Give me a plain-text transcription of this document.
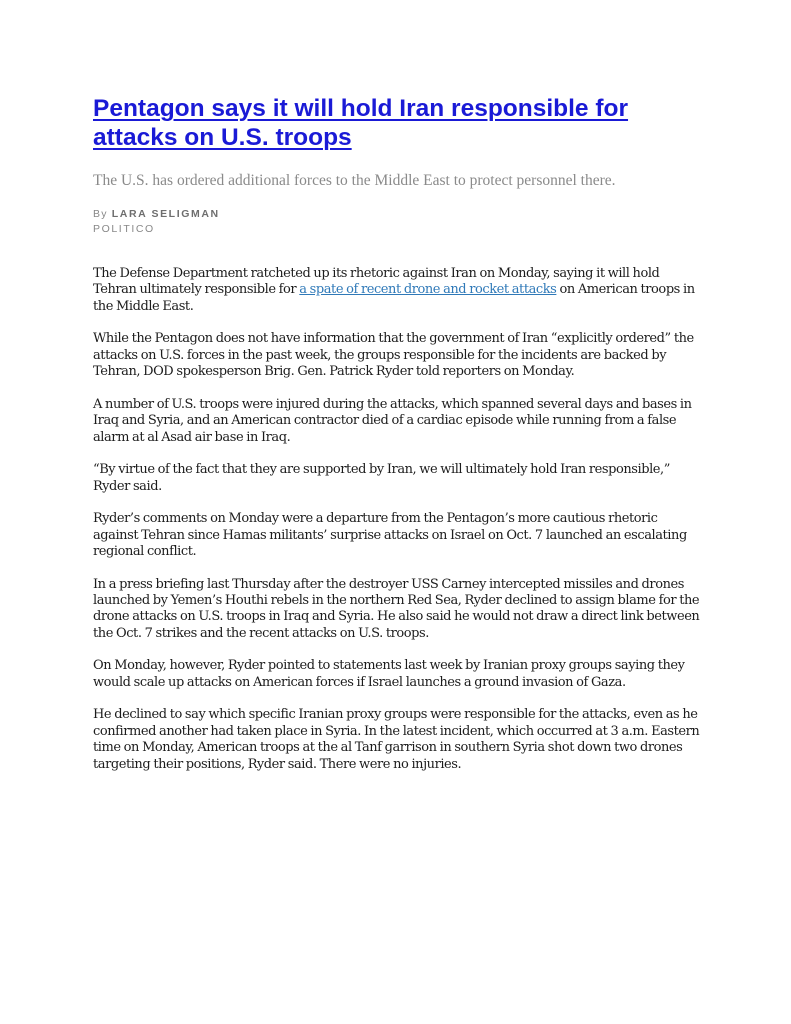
Pentagon says it will hold Iran responsible for attacks on U.S. troops

The U.S. has ordered additional forces to the Middle East to protect personnel there.

By LARA SELIGMAN
POLITICO

The Defense Department ratcheted up its rhetoric against Iran on Monday, saying it will hold Tehran ultimately responsible for a spate of recent drone and rocket attacks on American troops in the Middle East.

While the Pentagon does not have information that the government of Iran “explicitly ordered” the attacks on U.S. forces in the past week, the groups responsible for the incidents are backed by Tehran, DOD spokesperson Brig. Gen. Patrick Ryder told reporters on Monday.

A number of U.S. troops were injured during the attacks, which spanned several days and bases in Iraq and Syria, and an American contractor died of a cardiac episode while running from a false alarm at al Asad air base in Iraq.

“By virtue of the fact that they are supported by Iran, we will ultimately hold Iran responsible,” Ryder said.

Ryder’s comments on Monday were a departure from the Pentagon’s more cautious rhetoric against Tehran since Hamas militants’ surprise attacks on Israel on Oct. 7 launched an escalating regional conflict.

In a press briefing last Thursday after the destroyer USS Carney intercepted missiles and drones launched by Yemen’s Houthi rebels in the northern Red Sea, Ryder declined to assign blame for the drone attacks on U.S. troops in Iraq and Syria. He also said he would not draw a direct link between the Oct. 7 strikes and the recent attacks on U.S. troops.

On Monday, however, Ryder pointed to statements last week by Iranian proxy groups saying they would scale up attacks on American forces if Israel launches a ground invasion of Gaza.

He declined to say which specific Iranian proxy groups were responsible for the attacks, even as he confirmed another had taken place in Syria. In the latest incident, which occurred at 3 a.m. Eastern time on Monday, American troops at the al Tanf garrison in southern Syria shot down two drones targeting their positions, Ryder said. There were no injuries.
